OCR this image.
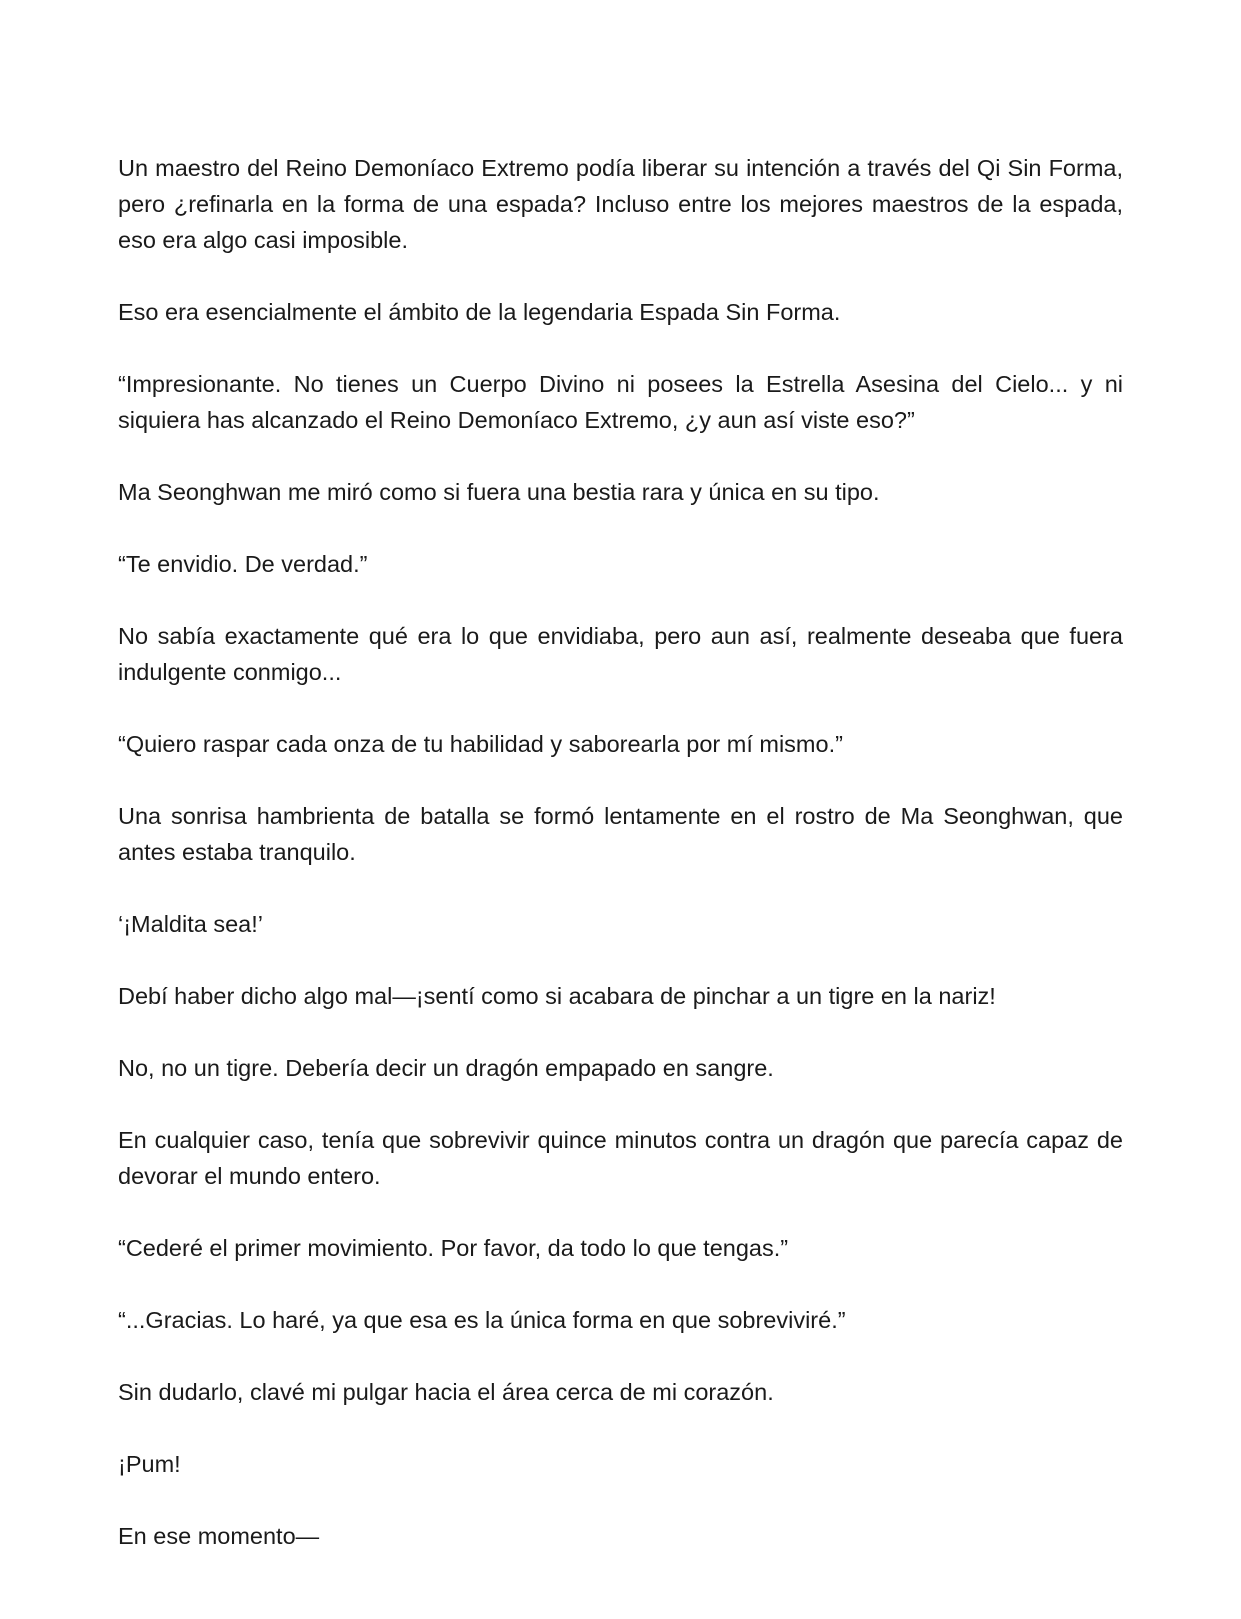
Un maestro del Reino Demoníaco Extremo podía liberar su intención a través del Qi Sin Forma, pero ¿refinarla en la forma de una espada? Incluso entre los mejores maestros de la espada, eso era algo casi imposible.

Eso era esencialmente el ámbito de la legendaria Espada Sin Forma.

“Impresionante. No tienes un Cuerpo Divino ni posees la Estrella Asesina del Cielo... y ni siquiera has alcanzado el Reino Demoníaco Extremo, ¿y aun así viste eso?”

Ma Seonghwan me miró como si fuera una bestia rara y única en su tipo.

“Te envidio. De verdad.”

No sabía exactamente qué era lo que envidiaba, pero aun así, realmente deseaba que fuera indulgente conmigo...

“Quiero raspar cada onza de tu habilidad y saborearla por mí mismo.”

Una sonrisa hambrienta de batalla se formó lentamente en el rostro de Ma Seonghwan, que antes estaba tranquilo.

‘¡Maldita sea!’

Debí haber dicho algo mal—¡sentí como si acabara de pinchar a un tigre en la nariz!

No, no un tigre. Debería decir un dragón empapado en sangre.

En cualquier caso, tenía que sobrevivir quince minutos contra un dragón que parecía capaz de devorar el mundo entero.

“Cederé el primer movimiento. Por favor, da todo lo que tengas.”

“...Gracias. Lo haré, ya que esa es la única forma en que sobreviviré.”

Sin dudarlo, clavé mi pulgar hacia el área cerca de mi corazón.

¡Pum!

En ese momento—
